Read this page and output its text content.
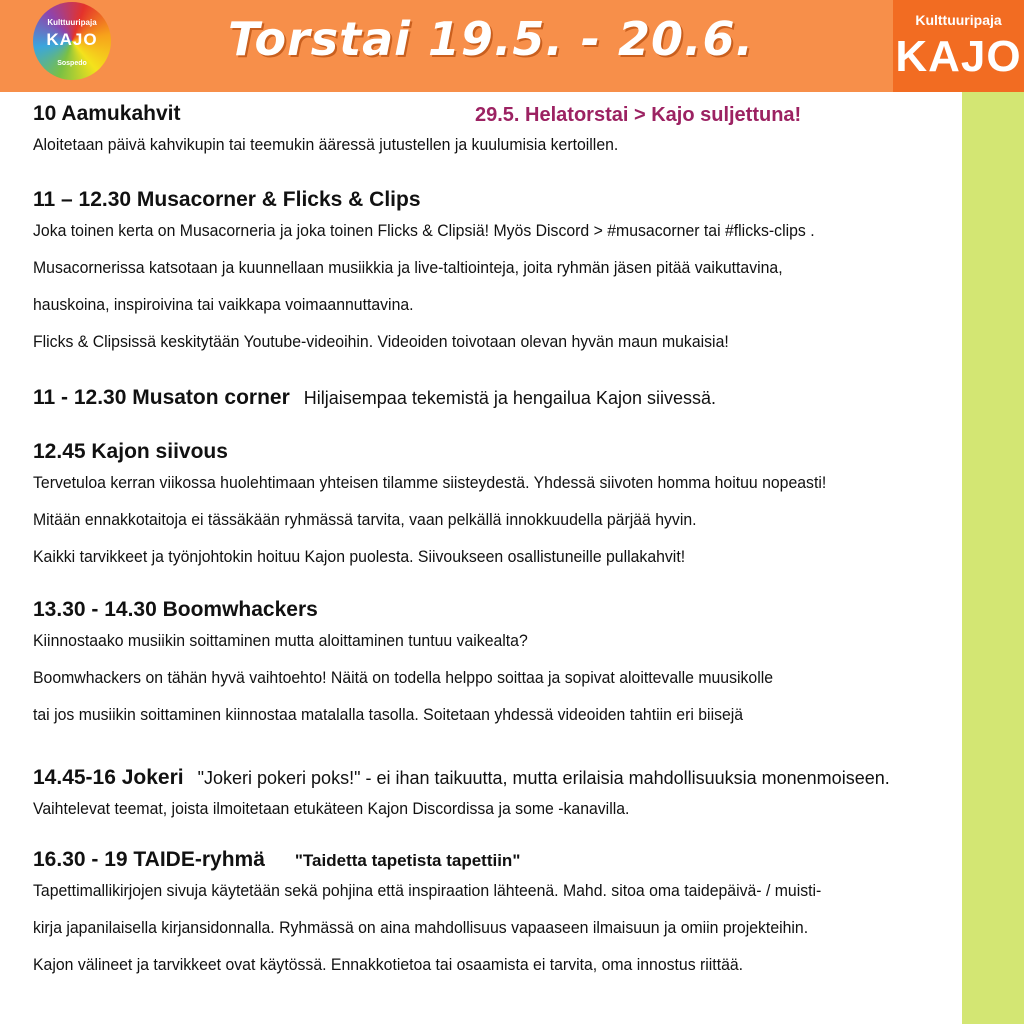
Kulttuuripaja
KAJO
Sospedo	Torstai 19.5. - 20.6.	Kulttuuripaja
KAJO
29.5. Helatorstai > Kajo suljettuna!
10 Aamukahvit
Aloitetaan päivä kahvikupin tai teemukin ääressä jutustellen ja kuulumisia kertoillen.
11 – 12.30 Musacorner & Flicks & Clips
Joka toinen kerta on Musacorneria ja joka toinen Flicks & Clipsiä! Myös Discord > #musacorner tai #flicks-clips .
Musacornerissa katsotaan ja kuunnellaan musiikkia ja live-taltiointeja, joita ryhmän jäsen pitää vaikuttavina,
hauskoina, inspiroivina tai vaikkapa voimaannuttavina.
Flicks & Clipsissä keskitytään Youtube-videoihin. Videoiden toivotaan olevan hyvän maun mukaisia!
11 - 12.30 Musaton corner Hiljaisempaa tekemistä ja hengailua Kajon siivessä.
12.45 Kajon siivous
Tervetuloa kerran viikossa huolehtimaan yhteisen tilamme siisteydestä. Yhdessä siivoten homma hoituu nopeasti!
Mitään ennakkotaitoja ei tässäkään ryhmässä tarvita, vaan pelkällä innokkuudella pärjää hyvin.
Kaikki tarvikkeet ja työnjohtokin hoituu Kajon puolesta. Siivoukseen osallistuneille pullakahvit!
13.30 - 14.30 Boomwhackers
Kiinnostaako musiikin soittaminen mutta aloittaminen tuntuu vaikealta?
Boomwhackers on tähän hyvä vaihtoehto! Näitä on todella helppo soittaa ja sopivat aloittevalle muusikolle
tai jos musiikin soittaminen kiinnostaa matalalla tasolla. Soitetaan yhdessä videoiden tahtiin eri biisejä
14.45-16 Jokeri "Jokeri pokeri poks!" - ei ihan taikuutta, mutta erilaisia mahdollisuuksia monenmoiseen.
Vaihtelevat teemat, joista ilmoitetaan etukäteen Kajon Discordissa ja some -kanavilla.
16.30 - 19 TAIDE-ryhmä "Taidetta tapetista tapettiin"
Tapettimallikirjojen sivuja käytetään sekä pohjina että inspiraation lähteenä. Mahd. sitoa oma taidepäivä- / muisti-
kirja japanilaisella kirjansidonnalla. Ryhmässä on aina mahdollisuus vapaaseen ilmaisuun ja omiin projekteihin.
Kajon välineet ja tarvikkeet ovat käytössä. Ennakkotietoa tai osaamista ei tarvita, oma innostus riittää.
